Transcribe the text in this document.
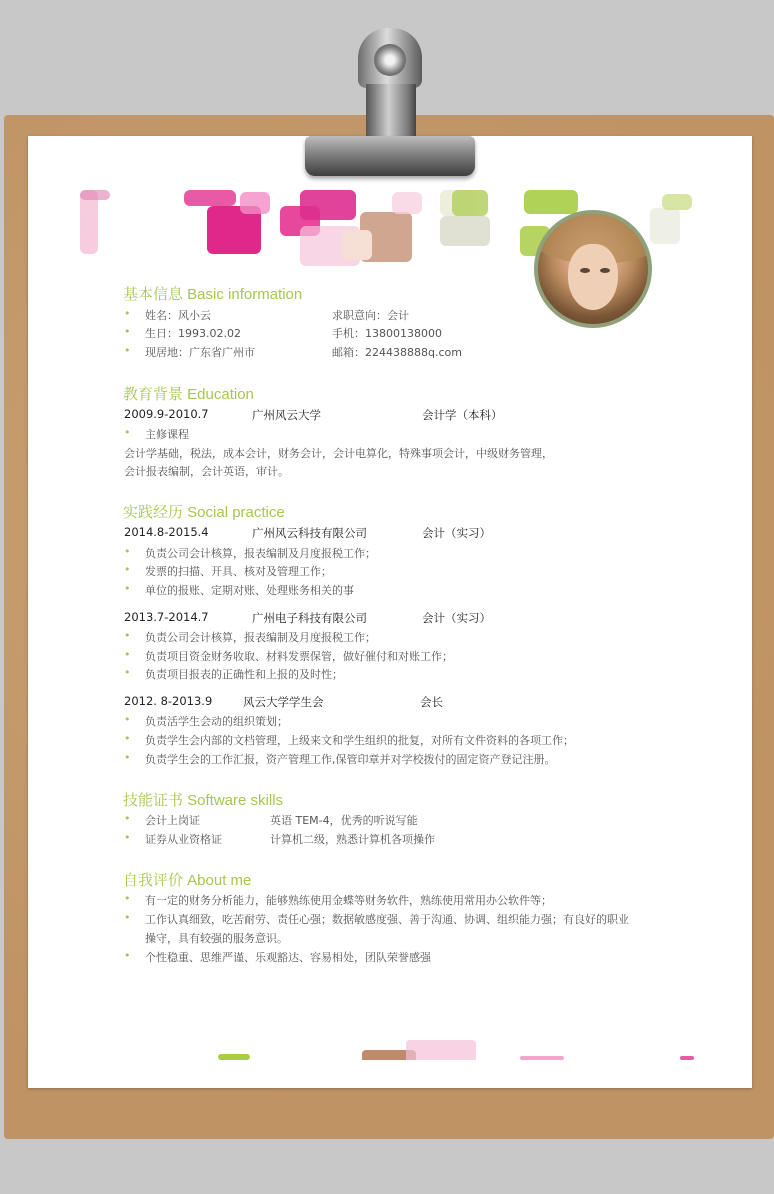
基本信息 Basic information
• 姓名：风小云	求职意向：会计
• 生日：1993.02.02	手机：13800138000
• 现居地：广东省广州市	邮箱：224438888q.com
教育背景 Education
2009.9-2010.7	广州风云大学	会计学（本科）
• 主修课程
会计学基础，税法，成本会计，财务会计，会计电算化，特殊事项会计，中级财务管理，
会计报表编制，会计英语，审计。
实践经历 Social practice
2014.8-2015.4	广州风云科技有限公司	会计（实习）
• 负责公司会计核算，报表编制及月度报税工作；
• 发票的扫描、开具、核对及管理工作；
• 单位的报账、定期对账、处理账务相关的事
2013.7-2014.7	广州电子科技有限公司	会计（实习）
• 负责公司会计核算，报表编制及月度报税工作；
• 负责项目资金财务收取、材料发票保管，做好催付和对账工作；
• 负责项目报表的正确性和上报的及时性；
2012. 8-2013.9	风云大学学生会	会长
• 负责活学生会动的组织策划；
• 负责学生会内部的文档管理，上级来文和学生组织的批复，对所有文件资料的各项工作；
• 负责学生会的工作汇报，资产管理工作,保管印章并对学校拨付的固定资产登记注册。
技能证书 Software skills
• 会计上岗证	英语 TEM-4，优秀的听说写能
• 证券从业资格证	计算机二级，熟悉计算机各项操作
自我评价 About me
• 有一定的财务分析能力，能够熟练使用金蝶等财务软件，熟练使用常用办公软件等；
• 工作认真细致，吃苦耐劳、责任心强；数据敏感度强、善于沟通、协调、组织能力强；有良好的职业
操守，具有较强的服务意识。
• 个性稳重、思维严谨、乐观豁达、容易相处，团队荣誉感强
